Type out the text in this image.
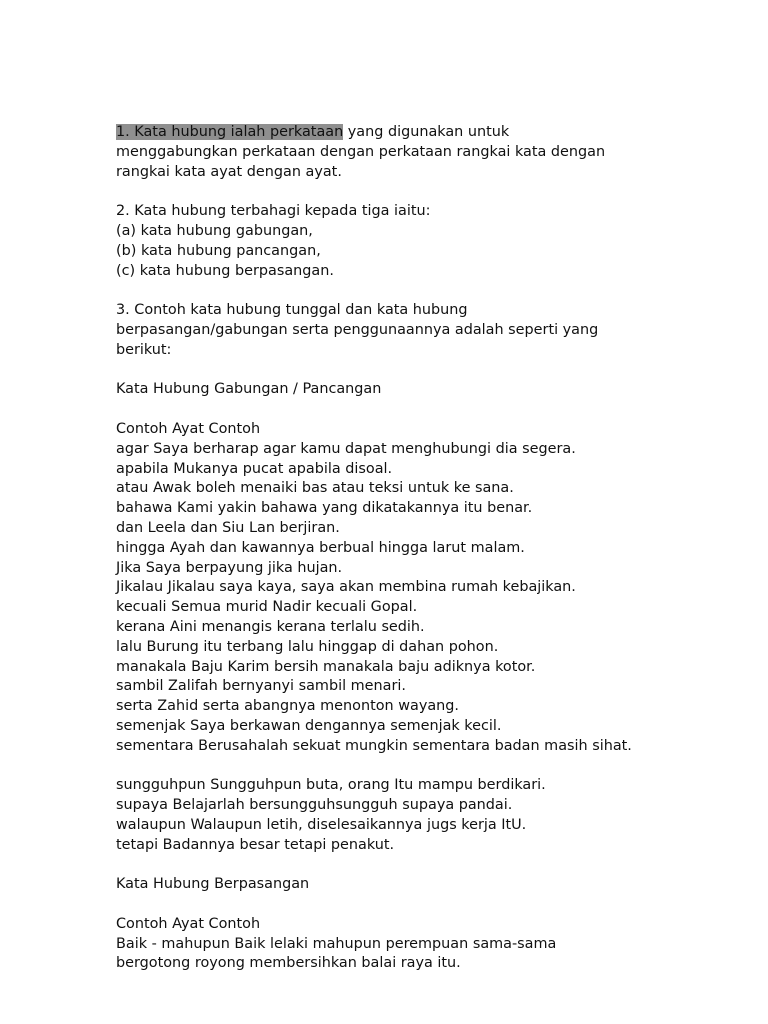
1. Kata hubung ialah perkataan yang digunakan untuk
menggabungkan perkataan dengan perkataan rangkai kata dengan
rangkai kata ayat dengan ayat.
2. Kata hubung terbahagi kepada tiga iaitu:
(a) kata hubung gabungan,
(b) kata hubung pancangan,
(c) kata hubung berpasangan.
3. Contoh kata hubung tunggal dan kata hubung
berpasangan/gabungan serta penggunaannya adalah seperti yang
berikut:
Kata Hubung Gabungan / Pancangan
Contoh Ayat Contoh
agar Saya berharap agar kamu dapat menghubungi dia segera.
apabila Mukanya pucat apabila disoal.
atau Awak boleh menaiki bas atau teksi untuk ke sana.
bahawa Kami yakin bahawa yang dikatakannya itu benar.
dan Leela dan Siu Lan berjiran.
hingga Ayah dan kawannya berbual hingga larut malam.
Jika Saya berpayung jika hujan.
Jikalau Jikalau saya kaya, saya akan membina rumah kebajikan.
kecuali Semua murid Nadir kecuali Gopal.
kerana Aini menangis kerana terlalu sedih.
lalu Burung itu terbang lalu hinggap di dahan pohon.
manakala Baju Karim bersih manakala baju adiknya kotor.
sambil Zalifah bernyanyi sambil menari.
serta Zahid serta abangnya menonton wayang.
semenjak Saya berkawan dengannya semenjak kecil.
sementara Berusahalah sekuat mungkin sementara badan masih sihat.
sungguhpun Sungguhpun buta, orang Itu mampu berdikari.
supaya Belajarlah bersungguhsungguh supaya pandai.
walaupun Walaupun letih, diselesaikannya jugs kerja ItU.
tetapi Badannya besar tetapi penakut.
Kata Hubung Berpasangan
Contoh Ayat Contoh
Baik - mahupun Baik lelaki mahupun perempuan sama-sama
bergotong royong membersihkan balai raya itu.
